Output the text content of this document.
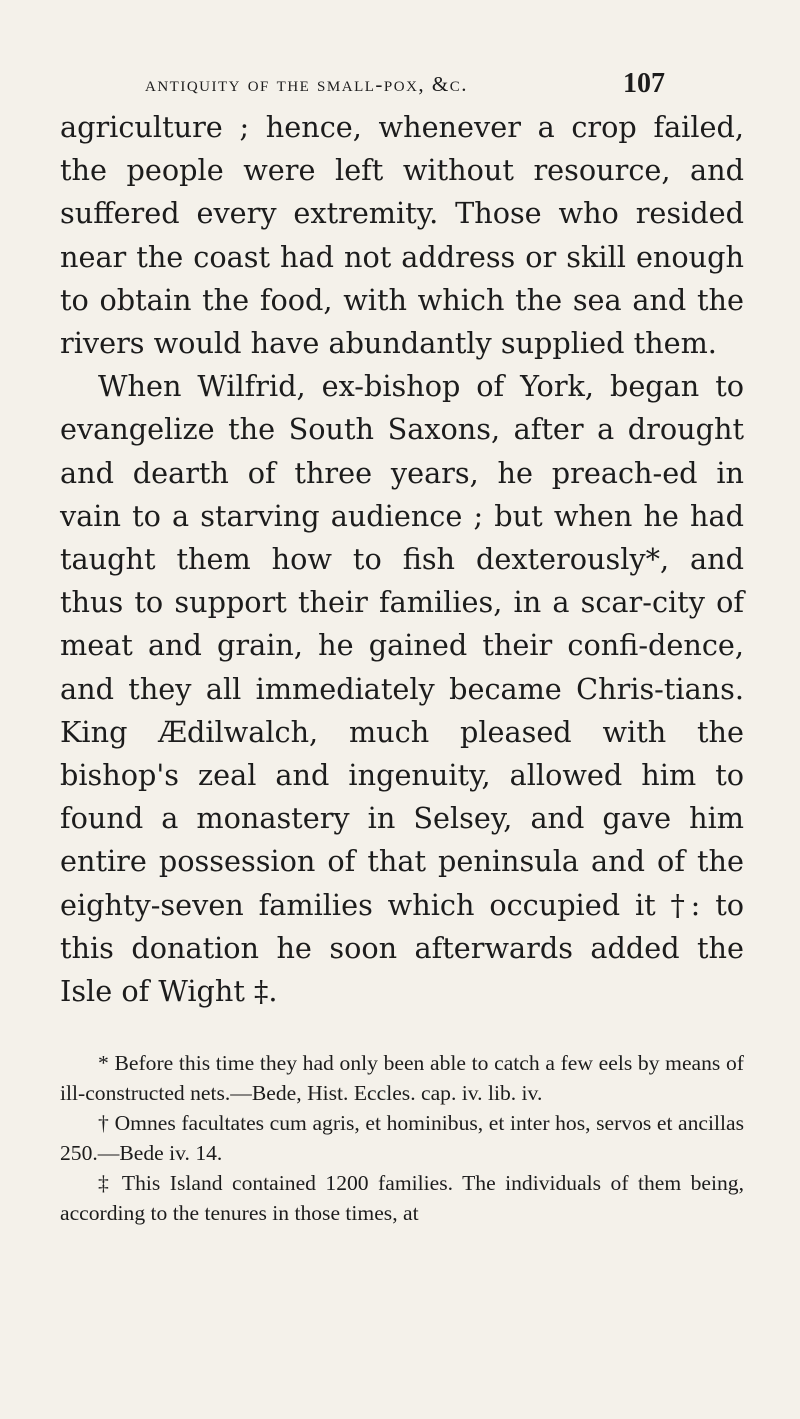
antiquity of the small-pox, &c.	107

agriculture ; hence, whenever a crop failed, the people were left without resource, and suffered every extremity. Those who resided near the coast had not address or skill enough to obtain the food, with which the sea and the rivers would have abundantly supplied them.

When Wilfrid, ex-bishop of York, began to evangelize the South Saxons, after a drought and dearth of three years, he preach-ed in vain to a starving audience ; but when he had taught them how to fish dexterously*, and thus to support their families, in a scar-city of meat and grain, he gained their confi-dence, and they all immediately became Chris-tians. King Ædilwalch, much pleased with the bishop's zeal and ingenuity, allowed him to found a monastery in Selsey, and gave him entire possession of that peninsula and of the eighty-seven families which occupied it †: to this donation he soon afterwards added the Isle of Wight ‡.

* Before this time they had only been able to catch a few eels by means of ill-constructed nets.—Bede, Hist. Eccles. cap. iv. lib. iv.

† Omnes facultates cum agris, et hominibus, et inter hos, servos et ancillas 250.—Bede iv. 14.

‡ This Island contained 1200 families. The individuals of them being, according to the tenures in those times, at
